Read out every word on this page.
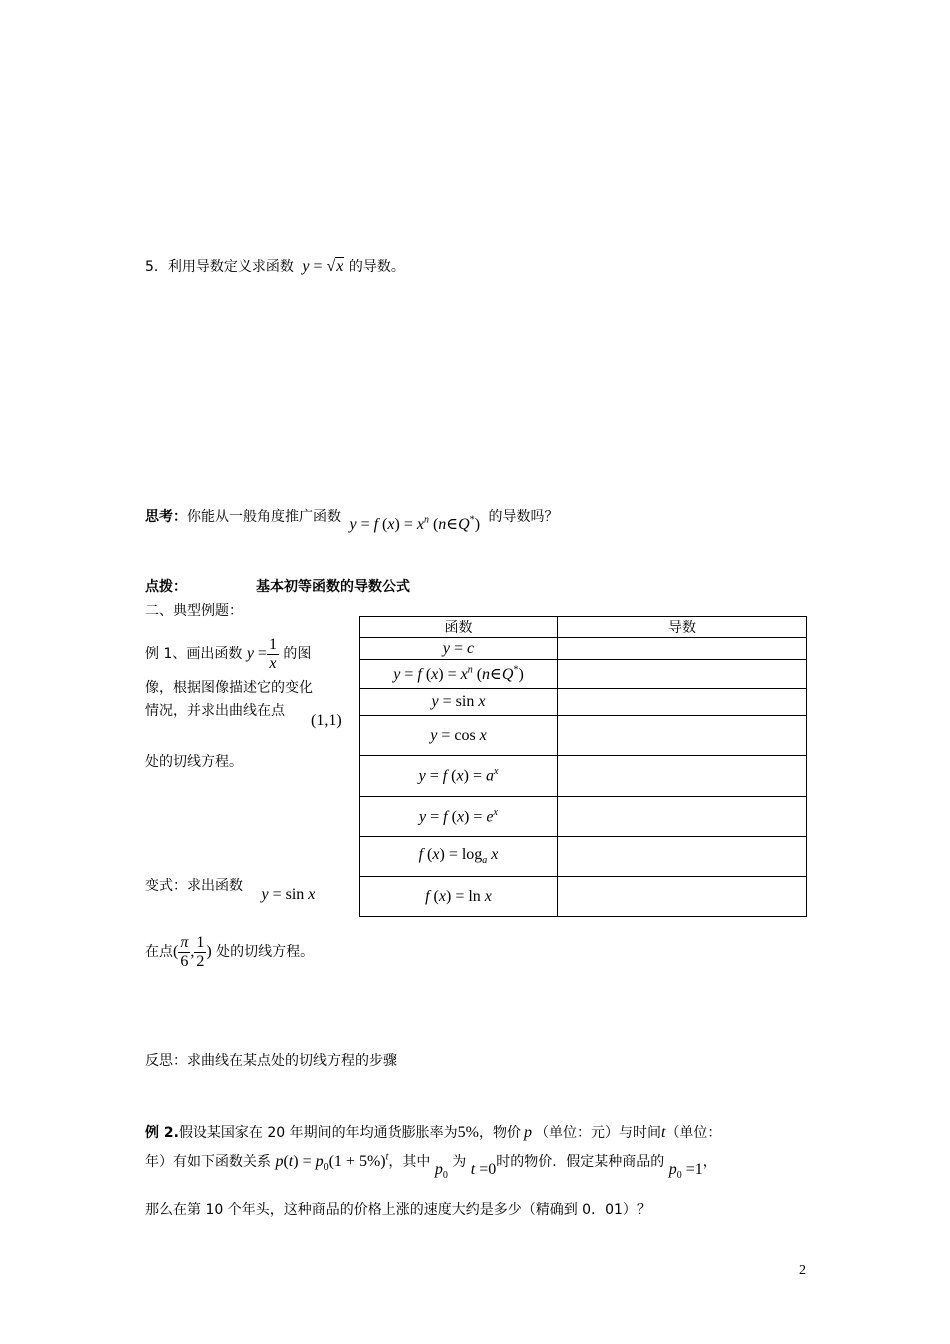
5．利用导数定义求函数 y = √x 的导数。
思考：你能从一般角度推广函数 y = f $(x) = x^n$ (n∈Q*) 的导数吗？
点拨：	基本初等函数的导数公式
二、典型例题：
例 1、画出函数 $y = \frac{1}{x}$ 的图
像，根据图像描述它的变化
情况，并求出曲线在点
(1,1)
处的切线方程。
函数	导数
y = c	
y = f $(x) = x^n$ (n∈Q*)	
y = sin x	
y = cos x	
y = f $(x) = a^x$	
y = f $(x) = e^x$	
f $(x) = \log_a x$	
f (x) = ln x	
变式：求出函数 y = sin x
在点( $\frac{\pi}{6}$ , $\frac{1}{2}$ ) 处的切线方程。
反思：求曲线在某点处的切线方程的步骤
例 2.假设某国家在 20 年期间的年均通货膨胀率为5%，物价 p （单位：元）与时间t（单位：
年）有如下函数关系 $p(t) = p_0(1 + 5\%)^t$，其中 $p_0$ 为 t =0时的物价．假定某种商品的 $p_0 =1$，
那么在第 10 个年头，这种商品的价格上涨的速度大约是多少（精确到 0．01）？
2
